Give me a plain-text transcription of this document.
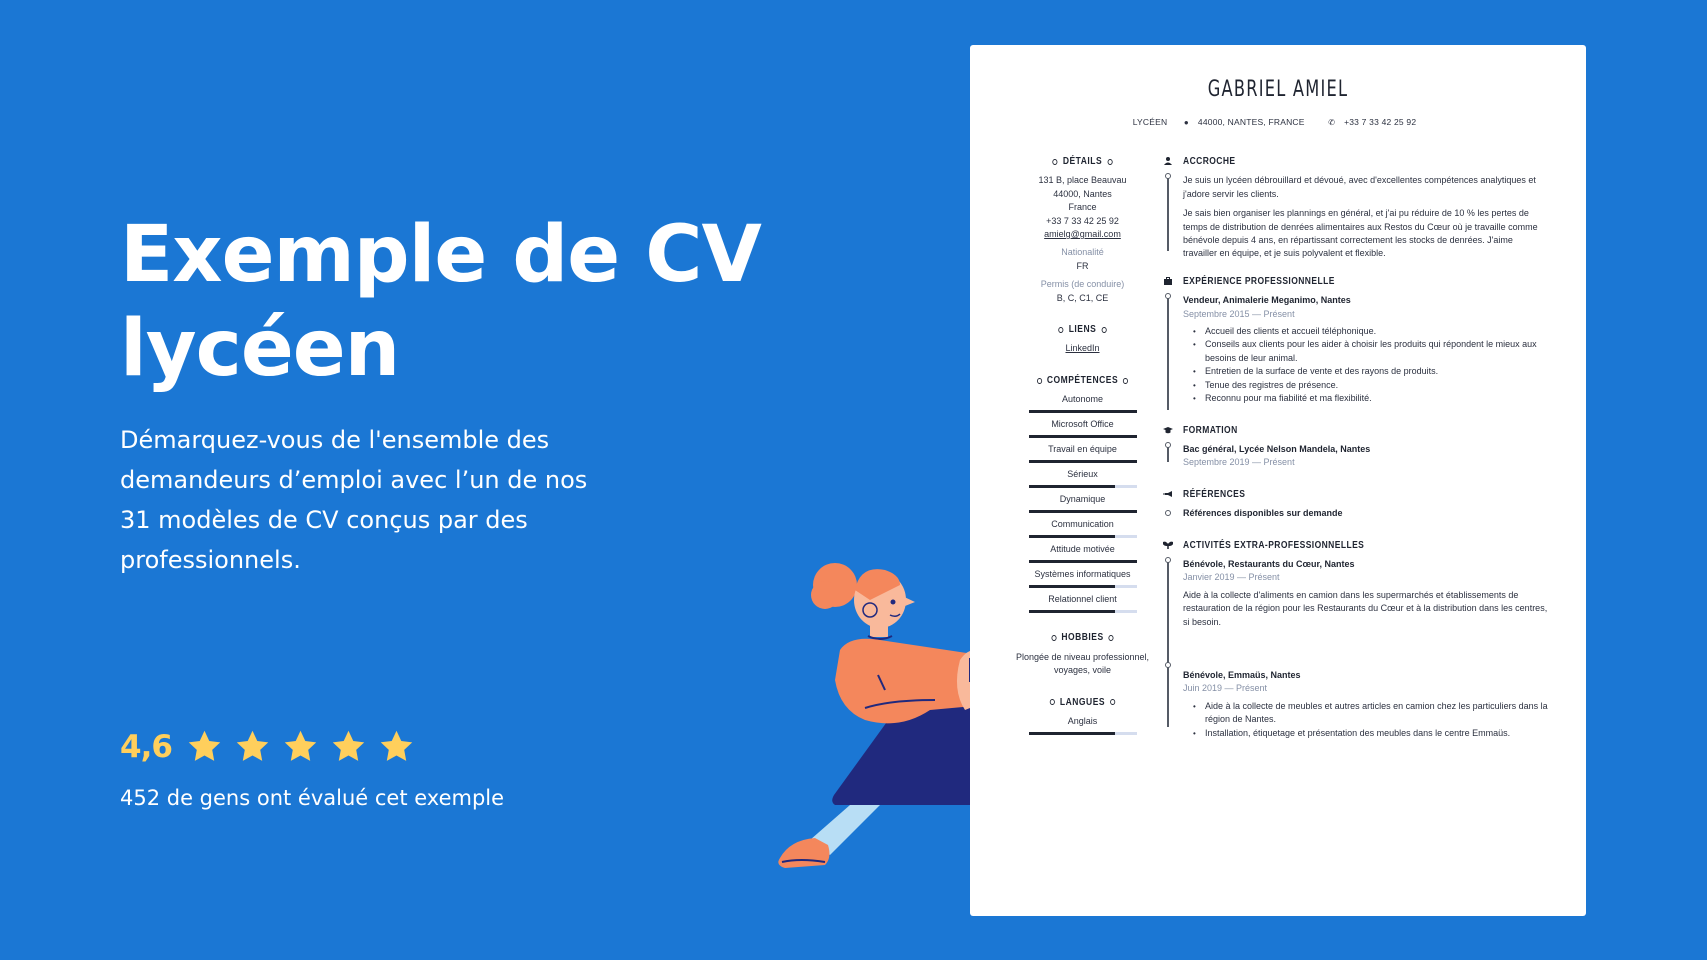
Exemple de CV
lycéen

Démarquez-vous de l'ensemble des demandeurs d’emploi avec l’un de nos 31 modèles de CV conçus par des professionnels.

4,6
452 de gens ont évalué cet exemple
GABRIEL AMIEL
LYCÉEN ● 44000, NANTES, FRANCE	✆ +33 7 33 42 25 92
DÉTAILS
131 B, place Beauvau
44000, Nantes
France
+33 7 33 42 25 92
amielg@gmail.com
Nationalité
FR
Permis (de conduire)
B, C, C1, CE
LIENS
LinkedIn
COMPÉTENCES
Autonome
Microsoft Office
Travail en équipe
Sérieux
Dynamique
Communication
Attitude motivée
Systèmes informatiques
Relationnel client
HOBBIES
Plongée de niveau professionnel, voyages, voile
LANGUES
Anglais
ACCROCHE

Je suis un lycéen débrouillard et dévoué, avec d'excellentes compétences analytiques et j'adore servir les clients.

Je sais bien organiser les plannings en général, et j'ai pu réduire de 10 % les pertes de temps de distribution de denrées alimentaires aux Restos du Cœur où je travaille comme bénévole depuis 4 ans, en répartissant correctement les stocks de denrées. J'aime travailler en équipe, et je suis polyvalent et flexible.

EXPÉRIENCE PROFESSIONNELLE
Vendeur, Animalerie Meganimo, Nantes
Septembre 2015 — Présent
• Accueil des clients et accueil téléphonique.
• Conseils aux clients pour les aider à choisir les produits qui répondent le mieux aux besoins de leur animal.
• Entretien de la surface de vente et des rayons de produits.
• Tenue des registres de présence.
• Reconnu pour ma fiabilité et ma flexibilité.
FORMATION
Bac général, Lycée Nelson Mandela, Nantes
Septembre 2019 — Présent
RÉFÉRENCES
Références disponibles sur demande
ACTIVITÉS EXTRA-PROFESSIONNELLES
Bénévole, Restaurants du Cœur, Nantes
Janvier 2019 — Présent

Aide à la collecte d'aliments en camion dans les supermarchés et établissements de restauration de la région pour les Restaurants du Cœur et à la distribution dans les centres, si besoin.

Bénévole, Emmaüs, Nantes
Juin 2019 — Présent
• Aide à la collecte de meubles et autres articles en camion chez les particuliers dans la région de Nantes.
• Installation, étiquetage et présentation des meubles dans le centre Emmaüs.
